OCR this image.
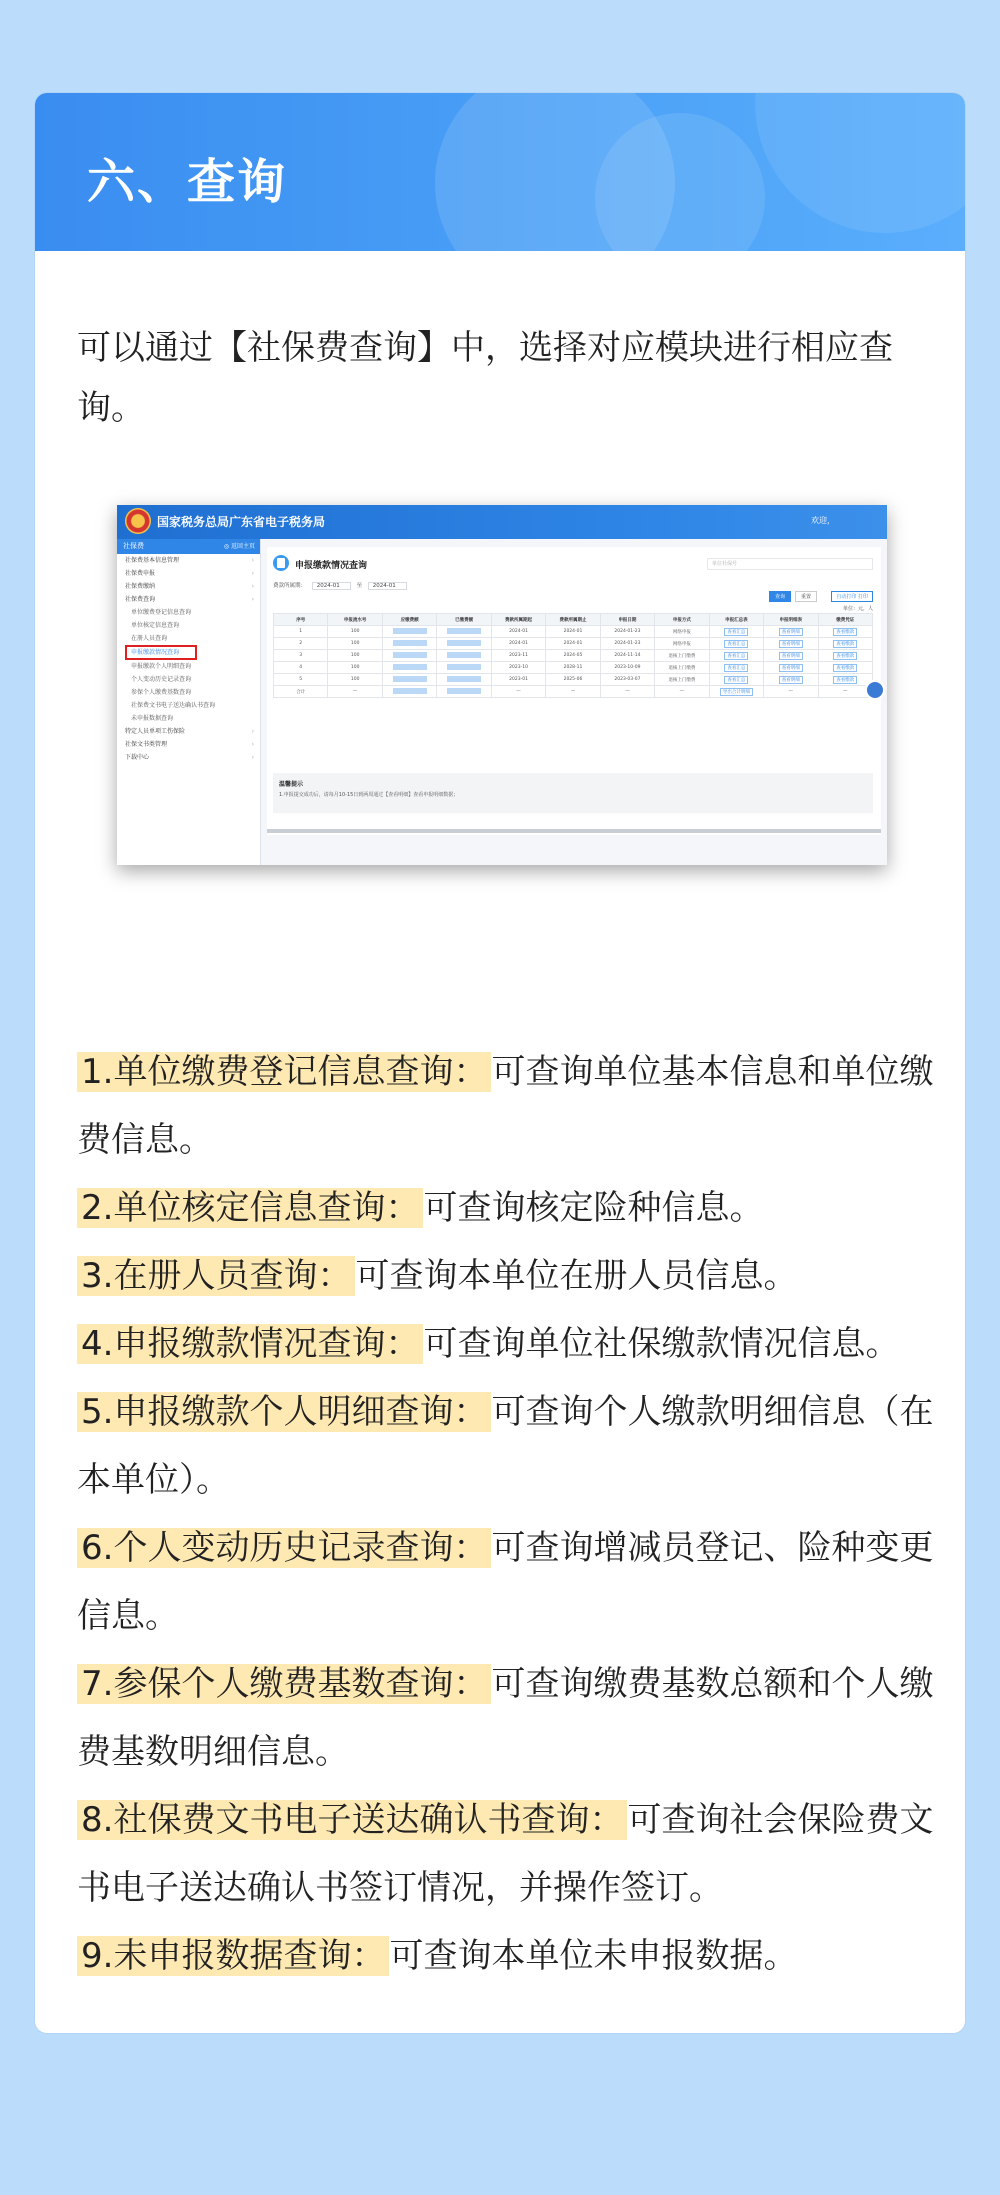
六、查询

可以通过【社保费查询】中，选择对应模块进行相应查询。

国家税务总局广东省电子税务局	欢迎，
社保费	◎ 返回主页
社保费基本信息管理	›
社保费申报	›
社保费缴纳	›
社保费查询	›
单位缴费登记信息查询
单位核定信息查询
在册人员查询
申报缴款情况查询
申报缴款个人明细查询
个人变动历史记录查询
参保个人缴费基数查询
社保费文书电子送达确认书查询
未申报数据查询
特定人员单项工伤保险	›
社保文书类管理	›
下载中心	›
申报缴款情况查询	单位社保号
费款所属期： 2024-01	至 2024-01
查询	重置	自动打印 打印
单位：元，人
序号	申报流水号	应缴费额	已缴费额	费款所属期起	费款所属期止	申报日期	申报方式	申报汇总表	申报明细表	缴费凭证
1	100			2024-01	2024-01	2024-01-23	网络申报	查看汇总	查看明细	查看缴款
2	100			2024-01	2024-01	2024-01-23	网络申报	查看汇总	查看明细	查看缴款
3	100			2023-11	2024-05	2024-11-14	退核上门缴费	查看汇总	查看明细	查看缴款
4	100			2023-10	2028-11	2023-10-09	退核上门缴费	查看汇总	查看明细	查看缴款
5	100			2023-01	2025-06	2023-03-07	退核上门缴费	查看汇总	查看明细	查看缴款
合计	—			—	—	—	—	导出合计明细	—	—
温馨提示
1.申报提交成功后，请每月10-15日到两周通过【查看明细】查看申报明细数据；
1.单位缴费登记信息查询： 可查询单位基本信息和单位缴费信息。
2.单位核定信息查询： 可查询核定险种信息。
3.在册人员查询： 可查询本单位在册人员信息。
4.申报缴款情况查询： 可查询单位社保缴款情况信息。
5.申报缴款个人明细查询： 可查询个人缴款明细信息（在本单位）。
6.个人变动历史记录查询： 可查询增减员登记、险种变更信息。
7.参保个人缴费基数查询： 可查询缴费基数总额和个人缴费基数明细信息。
8.社保费文书电子送达确认书查询： 可查询社会保险费文书电子送达确认书签订情况，并操作签订。
9.未申报数据查询： 可查询本单位未申报数据。
